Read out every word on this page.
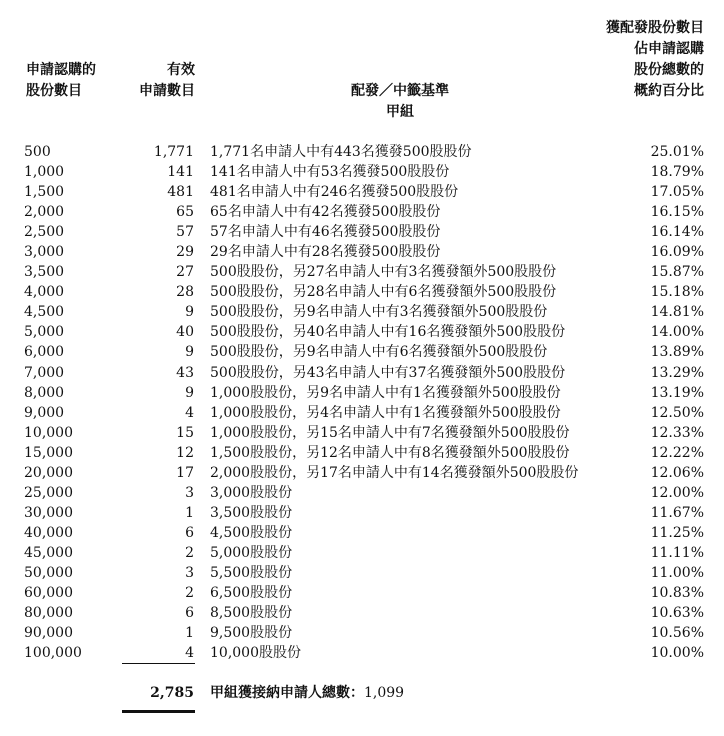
申請認購的
股份數目
有效
申請數目	配發／中籤基準
甲組
獲配發股份數目
佔申請認購
股份總數的
概約百分比
500	1,771 1,771名申請人中有443名獲發500股股份	25.01%
1,000	141 141名申請人中有53名獲發500股股份	18.79%
1,500	481 481名申請人中有246名獲發500股股份	17.05%
2,000	65 65名申請人中有42名獲發500股股份	16.15%
2,500	57 57名申請人中有46名獲發500股股份	16.14%
3,000	29 29名申請人中有28名獲發500股股份	16.09%
3,500	27 500股股份，另27名申請人中有3名獲發額外500股股份	15.87%
4,000	28 500股股份，另28名申請人中有6名獲發額外500股股份	15.18%
4,500	9 500股股份，另9名申請人中有3名獲發額外500股股份	14.81%
5,000	40 500股股份，另40名申請人中有16名獲發額外500股股份	14.00%
6,000	9 500股股份，另9名申請人中有6名獲發額外500股股份	13.89%
7,000	43 500股股份，另43名申請人中有37名獲發額外500股股份	13.29%
8,000	9 1,000股股份，另9名申請人中有1名獲發額外500股股份	13.19%
9,000	4 1,000股股份，另4名申請人中有1名獲發額外500股股份	12.50%
10,000	15 1,000股股份，另15名申請人中有7名獲發額外500股股份	12.33%
15,000	12 1,500股股份，另12名申請人中有8名獲發額外500股股份	12.22%
20,000	17 2,000股股份，另17名申請人中有14名獲發額外500股股份	12.06%
25,000	3 3,000股股份	12.00%
30,000	1 3,500股股份	11.67%
40,000	6 4,500股股份	11.25%
45,000	2 5,000股股份	11.11%
50,000	3 5,500股股份	11.00%
60,000	2 6,500股股份	10.83%
80,000	6 8,500股股份	10.63%
90,000	1 9,500股股份	10.56%
100,000	4 10,000股股份	10.00%
2,785 甲組獲接納申請人總數：1,099
